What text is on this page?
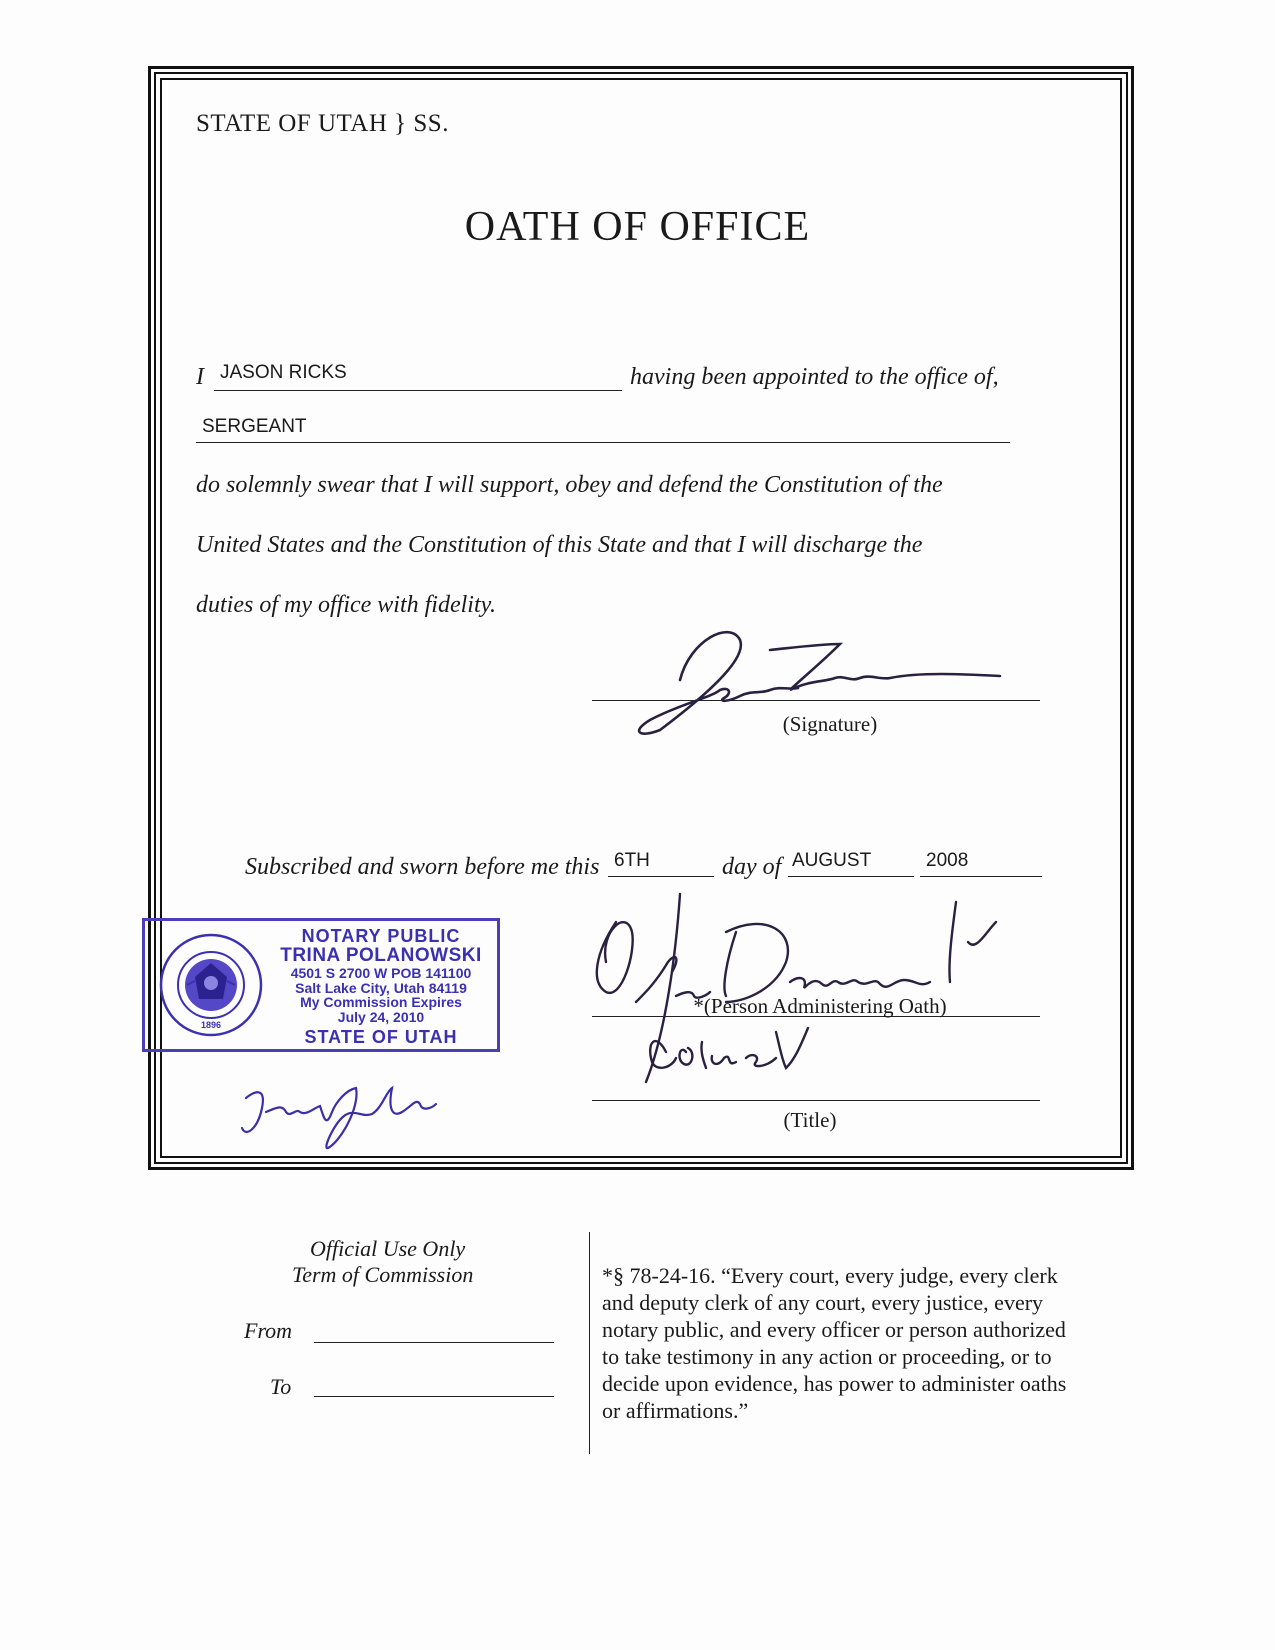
STATE OF UTAH } SS.
OATH OF OFFICE
I JASON RICKS	having been appointed to the office of,
SERGEANT
do solemnly swear that I will support, obey and defend the Constitution of the
United States and the Constitution of this State and that I will discharge the
duties of my office with fidelity.
(Signature)
Subscribed and sworn before me this 6TH	day of AUGUST	2008
1896
NOTARY PUBLIC
TRINA POLANOWSKI
4501 S 2700 W POB 141100
Salt Lake City, Utah 84119
My Commission Expires
July 24, 2010
STATE OF UTAH
*(Person Administering Oath)
(Title)
Official Use Only
Term of Commission
From
To
*§ 78-24-16. “Every court, every judge, every clerk and deputy clerk of any court, every justice, every notary public, and every officer or person authorized to take testimony in any action or proceeding, or to decide upon evidence, has power to administer oaths or affirmations.”
